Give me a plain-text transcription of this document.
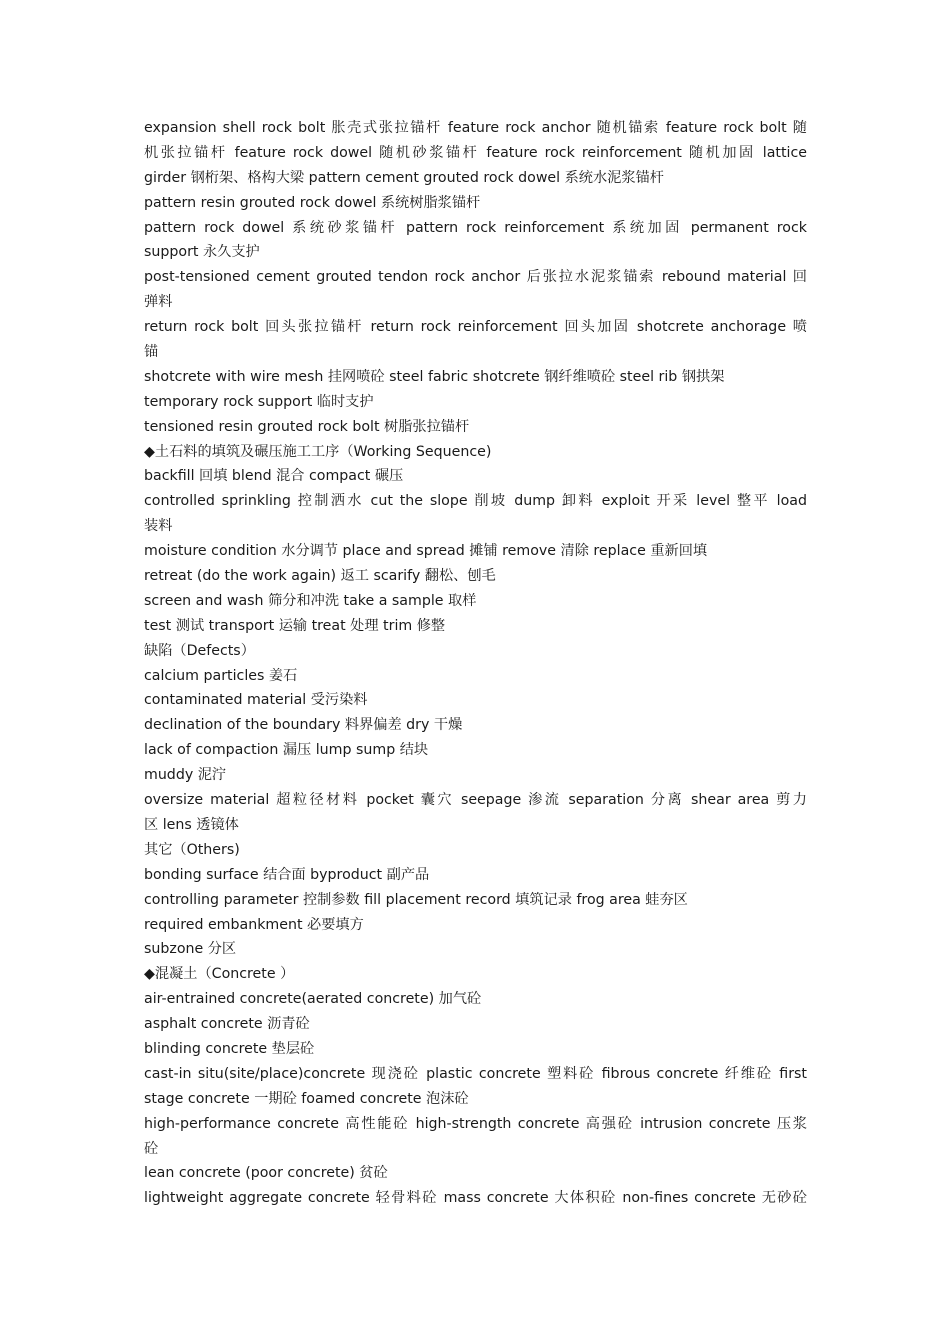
expansion shell rock bolt 胀壳式张拉锚杆 feature rock anchor 随机锚索 feature rock bolt 随
机张拉锚杆 feature rock dowel 随机砂浆锚杆 feature rock reinforcement 随机加固 lattice
girder 钢桁架、格构大梁 pattern cement grouted rock dowel 系统水泥浆锚杆
pattern resin grouted rock dowel 系统树脂浆锚杆
pattern rock dowel 系统砂浆锚杆 pattern rock reinforcement 系统加固 permanent rock
support 永久支护
post-tensioned cement grouted tendon rock anchor 后张拉水泥浆锚索 rebound material 回
弹料
return rock bolt 回头张拉锚杆 return rock reinforcement 回头加固 shotcrete anchorage 喷
锚
shotcrete with wire mesh 挂网喷砼 steel fabric shotcrete 钢纤维喷砼 steel rib 钢拱架
temporary rock support 临时支护
tensioned resin grouted rock bolt 树脂张拉锚杆
◆土石料的填筑及碾压施工工序（Working Sequence)
backfill 回填 blend 混合 compact 碾压
controlled sprinkling 控制洒水 cut the slope 削坡 dump 卸料 exploit 开采 level 整平 load
装料
moisture condition 水分调节 place and spread 摊铺 remove 清除 replace 重新回填
retreat (do the work again) 返工 scarify 翻松、刨毛
screen and wash 筛分和冲洗 take a sample 取样
test 测试 transport 运输 treat 处理 trim 修整
缺陷（Defects）
calcium particles 姜石
contaminated material 受污染料
declination of the boundary 料界偏差 dry 干燥
lack of compaction 漏压 lump sump 结块
muddy 泥泞
oversize material 超粒径材料 pocket 囊穴 seepage 渗流 separation 分离 shear area 剪力
区 lens 透镜体
其它（Others)
bonding surface 结合面 byproduct 副产品
controlling parameter 控制参数 fill placement record 填筑记录 frog area 蛙夯区
required embankment 必要填方
subzone 分区
◆混凝土（Concrete ）
air-entrained concrete(aerated concrete) 加气砼
asphalt concrete 沥青砼
blinding concrete 垫层砼
cast-in situ(site/place)concrete 现浇砼 plastic concrete 塑料砼 fibrous concrete 纤维砼 first
stage concrete 一期砼 foamed concrete 泡沫砼
high-performance concrete 高性能砼 high-strength concrete 高强砼 intrusion concrete 压浆
砼
lean concrete (poor concrete) 贫砼
lightweight aggregate concrete 轻骨料砼 mass concrete 大体积砼 non-fines concrete 无砂砼
